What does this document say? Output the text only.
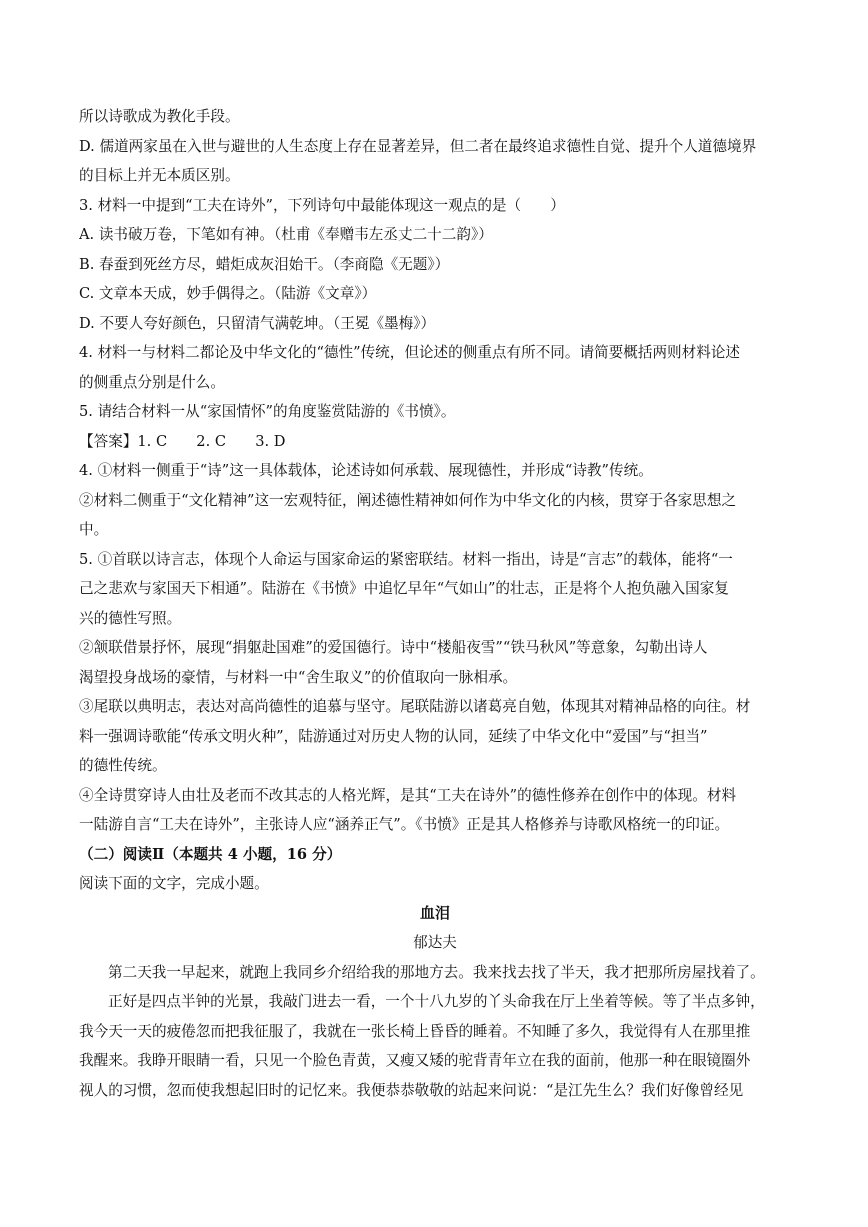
所以诗歌成为教化手段。
D. 儒道两家虽在入世与避世的人生态度上存在显著差异，但二者在最终追求德性自觉、提升个人道德境界
的目标上并无本质区别。
3. 材料一中提到“工夫在诗外”，下列诗句中最能体现这一观点的是（　　）
A. 读书破万卷，下笔如有神。（杜甫《奉赠韦左丞丈二十二韵》）
B. 春蚕到死丝方尽，蜡炬成灰泪始干。（李商隐《无题》）
C. 文章本天成，妙手偶得之。（陆游《文章》）
D. 不要人夸好颜色，只留清气满乾坤。（王冕《墨梅》）
4. 材料一与材料二都论及中华文化的“德性”传统，但论述的侧重点有所不同。请简要概括两则材料论述
的侧重点分别是什么。
5. 请结合材料一从“家国情怀”的角度鉴赏陆游的《书愤》。
【答案】1. C　　2. C　　3. D
4. ①材料一侧重于“诗”这一具体载体，论述诗如何承载、展现德性，并形成“诗教”传统。
②材料二侧重于“文化精神”这一宏观特征，阐述德性精神如何作为中华文化的内核，贯穿于各家思想之
中。
5. ①首联以诗言志，体现个人命运与国家命运的紧密联结。材料一指出，诗是“言志”的载体，能将“一
己之悲欢与家国天下相通”。陆游在《书愤》中追忆早年“气如山”的壮志，正是将个人抱负融入国家复
兴的德性写照。
②颔联借景抒怀，展现“捐躯赴国难”的爱国德行。诗中“楼船夜雪”“铁马秋风”等意象，勾勒出诗人
渴望投身战场的豪情，与材料一中“舍生取义”的价值取向一脉相承。
③尾联以典明志，表达对高尚德性的追慕与坚守。尾联陆游以诸葛亮自勉，体现其对精神品格的向往。材
料一强调诗歌能“传承文明火种”，陆游通过对历史人物的认同，延续了中华文化中“爱国”与“担当”
的德性传统。
④全诗贯穿诗人由壮及老而不改其志的人格光辉，是其“工夫在诗外”的德性修养在创作中的体现。材料
一陆游自言“工夫在诗外”，主张诗人应“涵养正气”。《书愤》正是其人格修养与诗歌风格统一的印证。
（二）阅读Ⅱ（本题共 4 小题，16 分）
阅读下面的文字，完成小题。
血泪
郁达夫
第二天我一早起来，就跑上我同乡介绍给我的那地方去。我来找去找了半天，我才把那所房屋找着了。
正好是四点半钟的光景，我敲门进去一看，一个十八九岁的丫头命我在厅上坐着等候。等了半点多钟，
我今天一天的疲倦忽而把我征服了，我就在一张长椅上昏昏的睡着。不知睡了多久，我觉得有人在那里推
我醒来。我睁开眼睛一看，只见一个脸色青黄，又瘦又矮的驼背青年立在我的面前，他那一种在眼镜圈外
视人的习惯，忽而使我想起旧时的记忆来。我便恭恭敬敬的站起来问说：“是江先生么？我们好像曾经见
